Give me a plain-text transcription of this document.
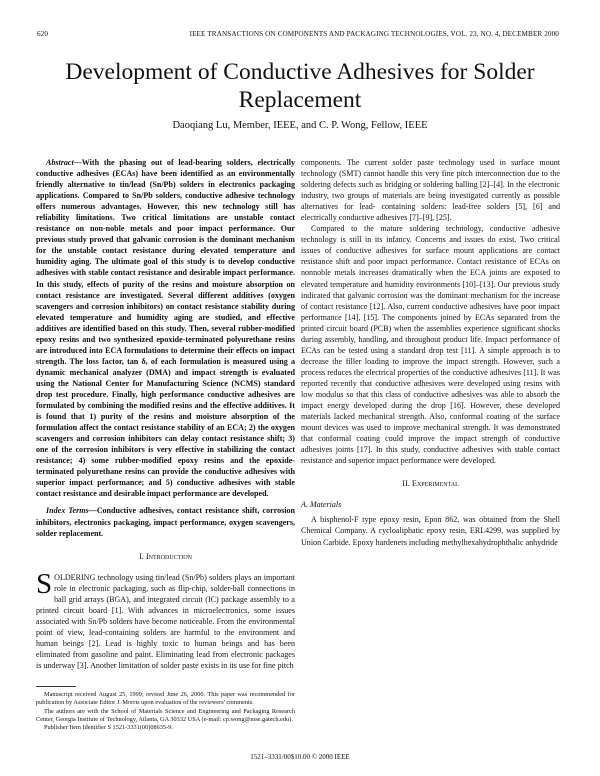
620	IEEE TRANSACTIONS ON COMPONENTS AND PACKAGING TECHNOLOGIES, VOL. 23, NO. 4, DECEMBER 2000
Development of Conductive Adhesives for Solder Replacement
Daoqiang Lu, Member, IEEE, and C. P. Wong, Fellow, IEEE

Abstract—With the phasing out of lead-bearing solders, electrically conductive adhesives (ECAs) have been identified as an environmentally friendly alternative to tin/lead (Sn/Pb) solders in electronics packaging applications. Compared to Sn/Pb solders, conductive adhesive technology offers numerous advantages. However, this new technology still has reliability limitations. Two critical limitations are unstable contact resistance on non-noble metals and poor impact performance. Our previous study proved that galvanic corrosion is the dominant mechanism for the unstable contact resistance during elevated temperature and humidity aging. The ultimate goal of this study is to develop conductive adhesives with stable contact resistance and desirable impact performance. In this study, effects of purity of the resins and moisture absorption on contact resistance are investigated. Several different additives (oxygen scavengers and corrosion inhibitors) on contact resistance stability during elevated temperature and humidity aging are studied, and effective additives are identified based on this study. Then, several rubber-modified epoxy resins and two synthesized epoxide-terminated polyurethane resins are introduced into ECA formulations to determine their effects on impact strength. The loss factor, tan δ, of each formulation is measured using a dynamic mechanical analyzer (DMA) and impact strength is evaluated using the National Center for Manufacturing Science (NCMS) standard drop test procedure. Finally, high performance conductive adhesives are formulated by combining the modified resins and the effective additives. It is found that 1) purity of the resins and moisture absorption of the formulation affect the contact resistance stability of an ECA; 2) the oxygen scavengers and corrosion inhibitors can delay contact resistance shift; 3) one of the corrosion inhibitors is very effective in stabilizing the contact resistance; 4) some rubber-modified epoxy resins and the epoxide-terminated polyurethane resins can provide the conductive adhesives with superior impact performance; and 5) conductive adhesives with stable contact resistance and desirable impact performance are developed.

Index Terms—Conductive adhesives, contact resistance shift, corrosion inhibitors, electronics packaging, impact performance, oxygen scavengers, solder replacement.

I. Introduction

SOLDERING technology using tin/lead (Sn/Pb) solders plays an important role in electronic packaging, such as flip-chip, solder-ball connections in ball grid arrays (BGA), and integrated circuit (IC) package assembly to a printed circuit board [1]. With advances in microelectronics, some issues associated with Sn/Pb solders have become noticeable. From the environmental point of view, lead-containing solders are harmful to the environment and human beings [2]. Lead is highly toxic to human beings and has been eliminated from gasoline and paint. Eliminating lead from electronic packages is underway [3]. Another limitation of solder paste exists in its use for fine pitch

Manuscript received August 25, 1999; revised June 26, 2000. This paper was recommended for publication by Associate Editor J. Morris upon evaluation of the reviewers' comments.

The authors are with the School of Materials Science and Engineering and Packaging Research Center, Georgia Institute of Technology, Atlanta, GA 30332 USA (e-mail: cp.wong@mse.gatech.edu).

Publisher Item Identifier S 1521-3331(00)08635-9.

components. The current solder paste technology used in surface mount technology (SMT) cannot handle this very fine pitch interconnection due to the soldering defects such as bridging or soldering balling [2]–[4]. In the electronic industry, two groups of materials are being investigated currently as possible alternatives for lead- containing solders: lead-free solders [5], [6] and electrically conductive adhesives [7]–[9], [25].

Compared to the mature soldering technology, conductive adhesive technology is still in its infancy. Concerns and issues do exist. Two critical issues of conductive adhesives for surface mount applications are contact resistance shift and poor impact performance. Contact resistance of ECAs on nonnoble metals increases dramatically when the ECA joints are exposed to elevated temperature and humidity environments [10]–[13]. Our previous study indicated that galvanic corrosion was the dominant mechanism for the increase of contact resistance [12]. Also, current conductive adhesives have poor impact performance [14], [15]. The components joined by ECAs separated from the printed circuit board (PCB) when the assemblies experience significant shocks during assembly, handling, and throughout product life. Impact performance of ECAs can be tested using a standard drop test [11]. A simple approach is to decrease the filler loading to improve the impact strength. However, such a process reduces the electrical properties of the conductive adhesives [11]. It was reported recently that conductive adhesives were developed using resins with low modulus so that this class of conductive adhesives was able to absorb the impact energy developed during the drop [16]. However, these developed materials lacked mechanical strength. Also, conformal coating of the surface mount devices was used to improve mechanical strength. It was demonstrated that conformal coating could improve the impact strength of conductive adhesives joints [17]. In this study, conductive adhesives with stable contact resistance and superior impact performance were developed.

II. Experimental

A. Materials

A bisphenol-F type epoxy resin, Epon 862, was obtained from the Shell Chemical Company. A cycloaliphatic epoxy resin, ERL4299, was supplied by Union Carbide. Epoxy hardeners including methylhexahydrophthalic anhydride

1521–3331/00$10.00 © 2000 IEEE
